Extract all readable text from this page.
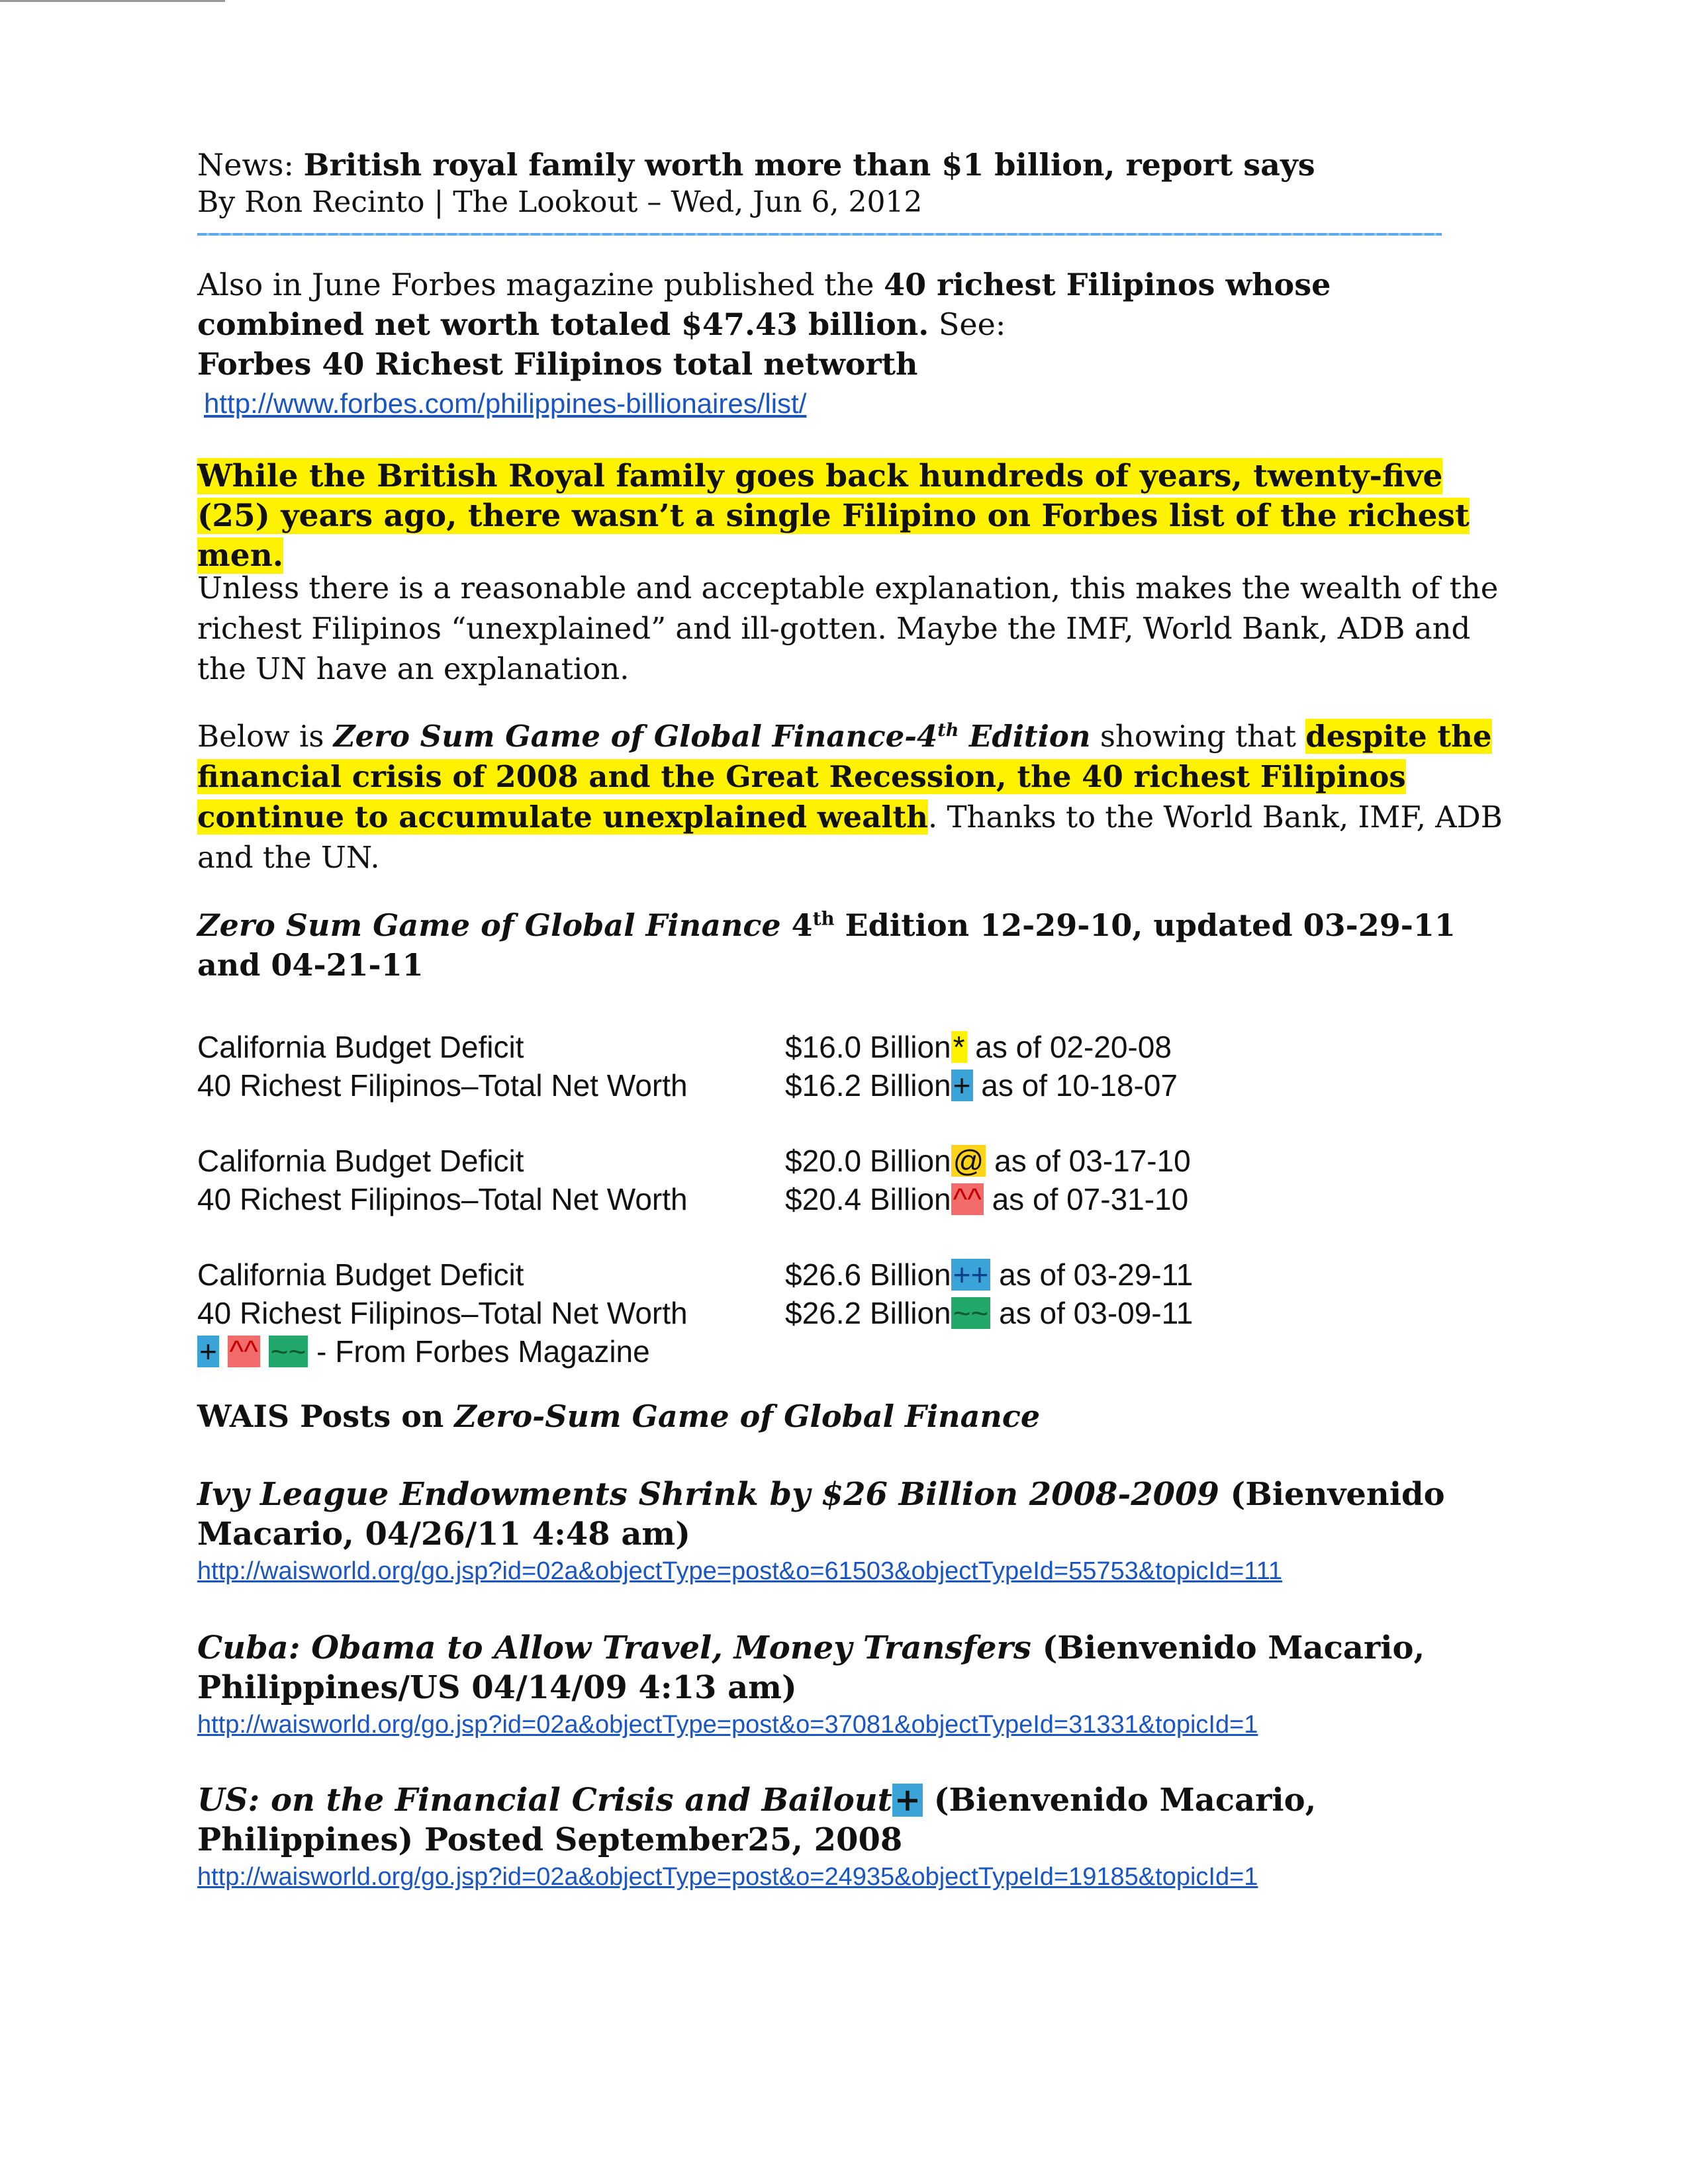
News: British royal family worth more than $1 billion, report says

By Ron Recinto | The Lookout – Wed, Jun 6, 2012

Also in June Forbes magazine published the 40 richest Filipinos whose combined net worth totaled $47.43 billion. See:

Forbes 40 Richest Filipinos total networth

http://www.forbes.com/philippines-billionaires/list/

While the British Royal family goes back hundreds of years, twenty-five (25) years ago, there wasn’t a single Filipino on Forbes list of the richest men.

Unless there is a reasonable and acceptable explanation, this makes the wealth of the richest Filipinos “unexplained” and ill-gotten. Maybe the IMF, World Bank, ADB and the UN have an explanation.

Below is Zero Sum Game of Global Finance-4th Edition showing that despite the financial crisis of 2008 and the Great Recession, the 40 richest Filipinos continue to accumulate unexplained wealth. Thanks to the World Bank, IMF, ADB and the UN.

Zero Sum Game of Global Finance 4th Edition 12-29-10, updated 03-29-11 and 04-21-11

California Budget Deficit	$16.0 Billion* as of 02-20-08
40 Richest Filipinos–Total Net Worth	$16.2 Billion+ as of 10-18-07
California Budget Deficit	$20.0 Billion@ as of 03-17-10
40 Richest Filipinos–Total Net Worth	$20.4 Billion^^ as of 07-31-10
California Budget Deficit	$26.6 Billion++ as of 03-29-11
40 Richest Filipinos–Total Net Worth	$26.2 Billion~~ as of 03-09-11
+ ^^ ~~ - From Forbes Magazine

WAIS Posts on Zero-Sum Game of Global Finance

Ivy League Endowments Shrink by $26 Billion 2008-2009 (Bienvenido Macario, 04/26/11 4:48 am)

http://waisworld.org/go.jsp?id=02a&objectType=post&o=61503&objectTypeId=55753&topicId=111

Cuba: Obama to Allow Travel, Money Transfers (Bienvenido Macario, Philippines/US 04/14/09 4:13 am)

http://waisworld.org/go.jsp?id=02a&objectType=post&o=37081&objectTypeId=31331&topicId=1

US: on the Financial Crisis and Bailout+ (Bienvenido Macario, Philippines) Posted September25, 2008

http://waisworld.org/go.jsp?id=02a&objectType=post&o=24935&objectTypeId=19185&topicId=1
